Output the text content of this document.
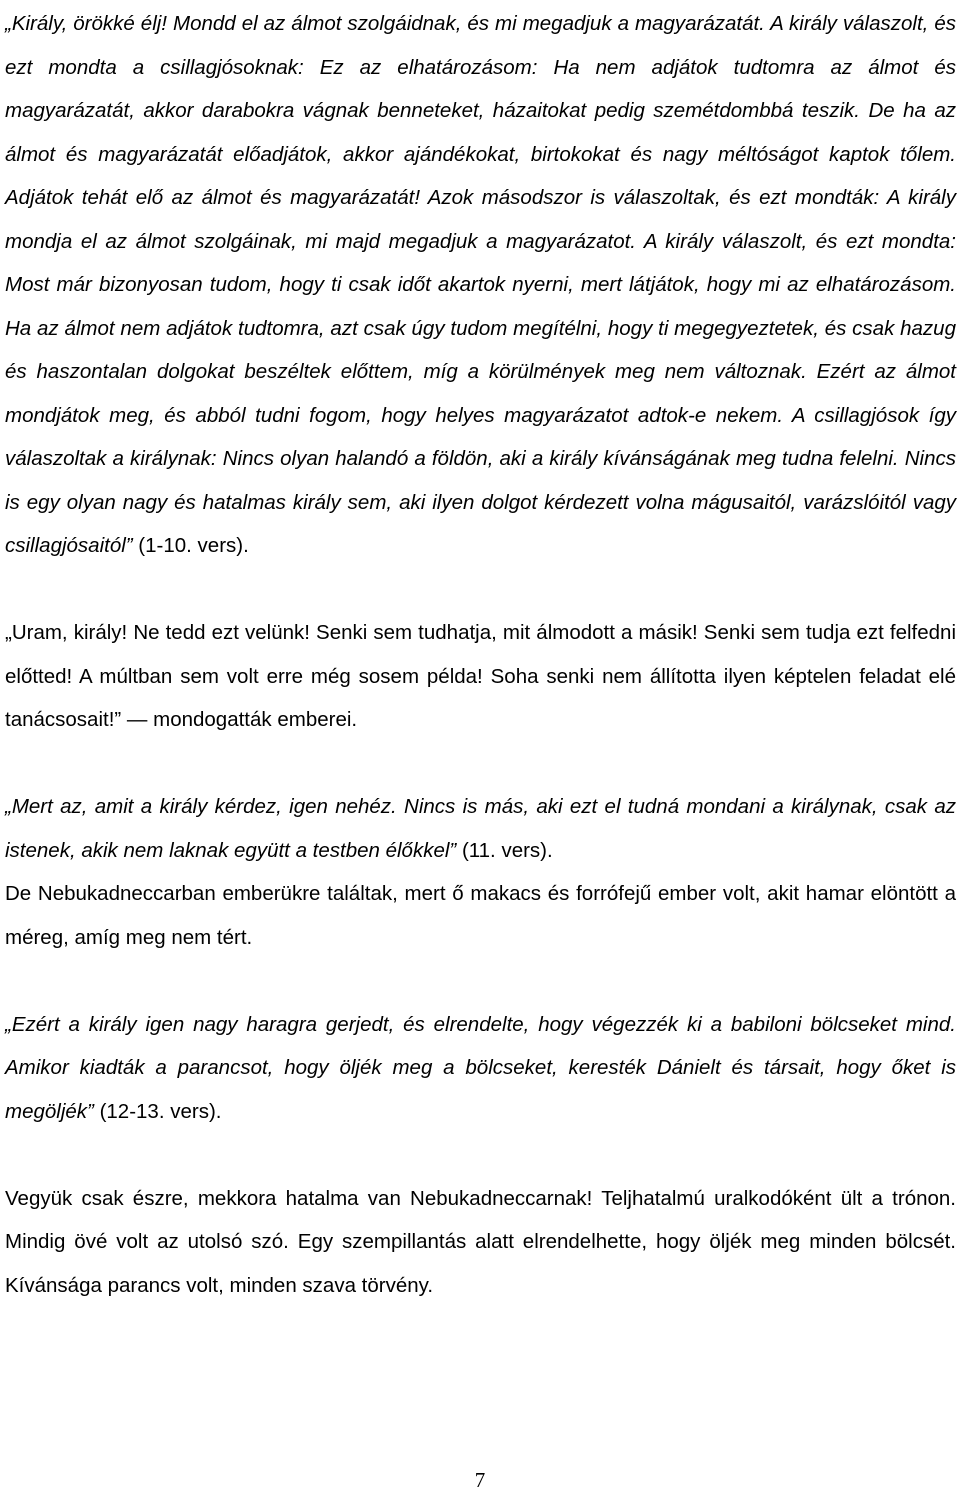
„Király, örökké élj! Mondd el az álmot szolgáidnak, és mi megadjuk a magyarázatát. A király válaszolt, és ezt mondta a csillagjósoknak: Ez az elhatározásom: Ha nem adjátok tudtomra az álmot és magyarázatát, akkor darabokra vágnak benneteket, házaitokat pedig szemétdombbá teszik. De ha az álmot és magyarázatát előadjátok, akkor ajándékokat, birtokokat és nagy méltóságot kaptok tőlem. Adjátok tehát elő az álmot és magyarázatát! Azok másodszor is válaszoltak, és ezt mondták: A király mondja el az álmot szolgáinak, mi majd megadjuk a magyarázatot. A király válaszolt, és ezt mondta: Most már bizonyosan tudom, hogy ti csak időt akartok nyerni, mert látjátok, hogy mi az elhatározásom. Ha az álmot nem adjátok tudtomra, azt csak úgy tudom megítélni, hogy ti megegyeztetek, és csak hazug és haszontalan dolgokat beszéltek előttem, míg a körülmények meg nem változnak. Ezért az álmot mondjátok meg, és abból tudni fogom, hogy helyes magyarázatot adtok-e nekem. A csillagjósok így válaszoltak a királynak: Nincs olyan halandó a földön, aki a király kívánságának meg tudna felelni. Nincs is egy olyan nagy és hatalmas király sem, aki ilyen dolgot kérdezett volna mágusaitól, varázslóitól vagy csillagjósaitól” (1-10. vers).

„Uram, király! Ne tedd ezt velünk! Senki sem tudhatja, mit álmodott a másik! Senki sem tudja ezt felfedni előtted! A múltban sem volt erre még sosem példa! Soha senki nem állította ilyen képtelen feladat elé tanácsosait!” — mondogatták emberei.

„Mert az, amit a király kérdez, igen nehéz. Nincs is más, aki ezt el tudná mondani a királynak, csak az istenek, akik nem laknak együtt a testben élőkkel” (11. vers).

De Nebukadneccarban emberükre találtak, mert ő makacs és forrófejű ember volt, akit hamar elöntött a méreg, amíg meg nem tért.

„Ezért a király igen nagy haragra gerjedt, és elrendelte, hogy végezzék ki a babiloni bölcseket mind. Amikor kiadták a parancsot, hogy öljék meg a bölcseket, keresték Dánielt és társait, hogy őket is megöljék” (12-13. vers).

Vegyük csak észre, mekkora hatalma van Nebukadneccarnak! Teljhatalmú uralkodóként ült a trónon. Mindig övé volt az utolsó szó. Egy szempillantás alatt elrendelhette, hogy öljék meg minden bölcsét. Kívánsága parancs volt, minden szava törvény.

7
